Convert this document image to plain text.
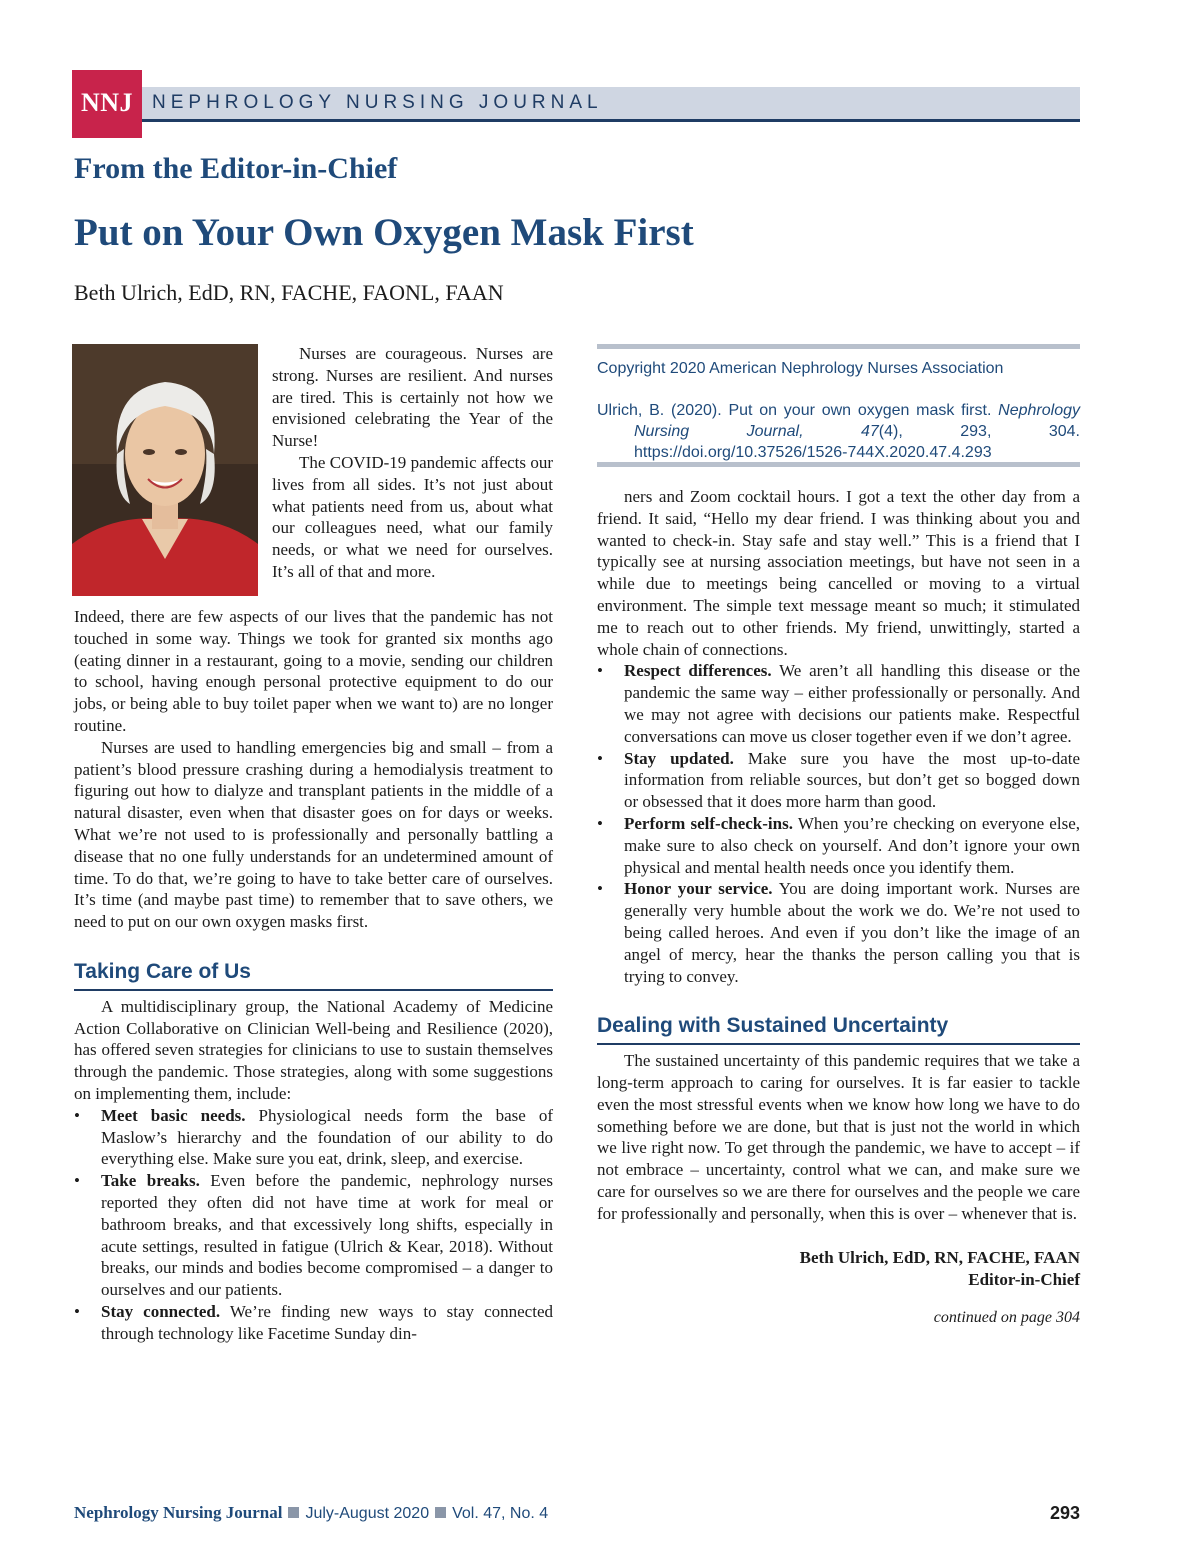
NNJ NEPHROLOGY NURSING JOURNAL
From the Editor-in-Chief
Put on Your Own Oxygen Mask First
Beth Ulrich, EdD, RN, FACHE, FAONL, FAAN

Nurses are courageous. Nurses are strong. Nurses are resilient. And nurses are tired. This is certainly not how we envisioned celebrating the Year of the Nurse!

The COVID-19 pandemic affects our lives from all sides. It’s not just about what patients need from us, about what our colleagues need, what our family needs, or what we need for ourselves. It’s all of that and more.

Indeed, there are few aspects of our lives that the pandemic has not touched in some way. Things we took for granted six months ago (eating dinner in a restaurant, going to a movie, sending our children to school, having enough personal protective equipment to do our jobs, or being able to buy toilet paper when we want to) are no longer routine.

Nurses are used to handling emergencies big and small – from a patient’s blood pressure crashing during a hemodialysis treatment to figuring out how to dialyze and transplant patients in the middle of a natural disaster, even when that disaster goes on for days or weeks. What we’re not used to is professionally and personally battling a disease that no one fully understands for an undetermined amount of time. To do that, we’re going to have to take better care of ourselves. It’s time (and maybe past time) to remember that to save others, we need to put on our own oxygen masks first.

Taking Care of Us

A multidisciplinary group, the National Academy of Medicine Action Collaborative on Clinician Well-being and Resilience (2020), has offered seven strategies for clinicians to use to sustain themselves through the pandemic. Those strategies, along with some suggestions on implementing them, include:

• Meet basic needs. Physiological needs form the base of Maslow’s hierarchy and the foundation of our ability to do everything else. Make sure you eat, drink, sleep, and exercise.
• Take breaks. Even before the pandemic, nephrology nurses reported they often did not have time at work for meal or bathroom breaks, and that excessively long shifts, especially in acute settings, resulted in fatigue (Ulrich & Kear, 2018). Without breaks, our minds and bodies become compromised – a danger to ourselves and our patients.
• Stay connected. We’re finding new ways to stay connected through technology like Facetime Sunday din-
Copyright 2020 American Nephrology Nurses Association
Ulrich, B. (2020). Put on your own oxygen mask first. Nephrology Nursing Journal, 47(4), 293, 304. https://doi.org/10.37526/1526-744X.2020.47.4.293

ners and Zoom cocktail hours. I got a text the other day from a friend. It said, “Hello my dear friend. I was thinking about you and wanted to check-in. Stay safe and stay well.” This is a friend that I typically see at nursing association meetings, but have not seen in a while due to meetings being cancelled or moving to a virtual environment. The simple text message meant so much; it stimulated me to reach out to other friends. My friend, unwittingly, started a whole chain of connections.

• Respect differences. We aren’t all handling this disease or the pandemic the same way – either professionally or personally. And we may not agree with decisions our patients make. Respectful conversations can move us closer together even if we don’t agree.
• Stay updated. Make sure you have the most up-to-date information from reliable sources, but don’t get so bogged down or obsessed that it does more harm than good.
• Perform self-check-ins. When you’re checking on everyone else, make sure to also check on yourself. And don’t ignore your own physical and mental health needs once you identify them.
• Honor your service. You are doing important work. Nurses are generally very humble about the work we do. We’re not used to being called heroes. And even if you don’t like the image of an angel of mercy, hear the thanks the person calling you that is trying to convey.
Dealing with Sustained Uncertainty

The sustained uncertainty of this pandemic requires that we take a long-term approach to caring for ourselves. It is far easier to tackle even the most stressful events when we know how long we have to do something before we are done, but that is just not the world in which we live right now. To get through the pandemic, we have to accept – if not embrace – uncertainty, control what we can, and make sure we care for ourselves so we are there for ourselves and the people we care for professionally and personally, when this is over – whenever that is.

Beth Ulrich, EdD, RN, FACHE, FAAN
Editor-in-Chief
continued on page 304
Nephrology Nursing Journal July-August 2020 Vol. 47, No. 4	293
